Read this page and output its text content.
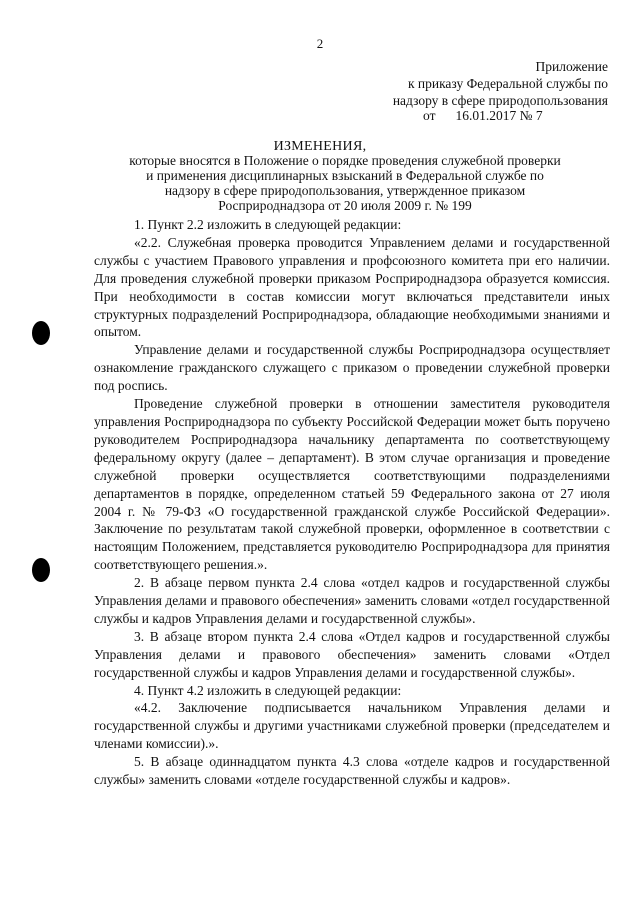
2
Приложение
к приказу Федеральной службы по
надзору в сфере природопользования
от 16.01.2017 № 7
ИЗМЕНЕНИЯ,
которые вносятся в Положение о порядке проведения служебной проверки и применения дисциплинарных взысканий в Федеральной службе по надзору в сфере природопользования, утвержденное приказом Росприроднадзора от 20 июля 2009 г. № 199

1. Пункт 2.2 изложить в следующей редакции:

«2.2. Служебная проверка проводится Управлением делами и государственной службы с участием Правового управления и профсоюзного комитета при его наличии. Для проведения служебной проверки приказом Росприроднадзора образуется комиссия. При необходимости в состав комиссии могут включаться представители иных структурных подразделений Росприроднадзора, обладающие необходимыми знаниями и опытом.

Управление делами и государственной службы Росприроднадзора осуществляет ознакомление гражданского служащего с приказом о проведении служебной проверки под роспись.

Проведение служебной проверки в отношении заместителя руководителя управления Росприроднадзора по субъекту Российской Федерации может быть поручено руководителем Росприроднадзора начальнику департамента по соответствующему федеральному округу (далее – департамент). В этом случае организация и проведение служебной проверки осуществляется соответствующими подразделениями департаментов в порядке, определенном статьей 59 Федерального закона от 27 июля 2004 г. № 79-ФЗ «О государственной гражданской службе Российской Федерации». Заключение по результатам такой служебной проверки, оформленное в соответствии с настоящим Положением, представляется руководителю Росприроднадзора для принятия соответствующего решения.».

2. В абзаце первом пункта 2.4 слова «отдел кадров и государственной службы Управления делами и правового обеспечения» заменить словами «отдел государственной службы и кадров Управления делами и государственной службы».

3. В абзаце втором пункта 2.4 слова «Отдел кадров и государственной службы Управления делами и правового обеспечения» заменить словами «Отдел государственной службы и кадров Управления делами и государственной службы».

4. Пункт 4.2 изложить в следующей редакции:

«4.2. Заключение подписывается начальником Управления делами и государственной службы и другими участниками служебной проверки (председателем и членами комиссии).».

5. В абзаце одиннадцатом пункта 4.3 слова «отделе кадров и государственной службы» заменить словами «отделе государственной службы и кадров».
